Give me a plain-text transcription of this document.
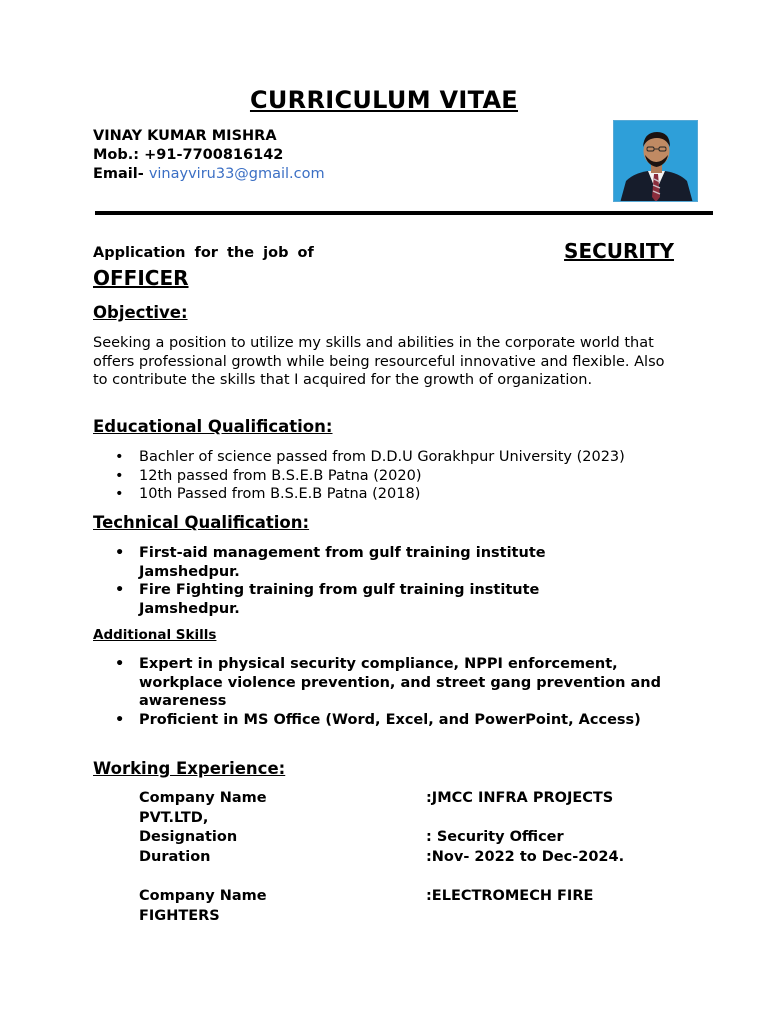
CURRICULUM VITAE
VINAY KUMAR MISHRA
Mob.: +91-7700816142
Email- vinayviru33@gmail.com
Application for the job of	SECURITY
OFFICER
Objective:
Seeking a position to utilize my skills and abilities in the corporate world that offers professional growth while being resourceful innovative and flexible. Also to contribute the skills that I acquired for the growth of organization.
Educational Qualification:
• Bachler of science passed from D.D.U Gorakhpur University (2023)
• 12th passed from B.S.E.B Patna (2020)
• 10th Passed from B.S.E.B Patna (2018)
Technical Qualification:
• First-aid management from gulf training institute Jamshedpur.
• Fire Fighting training from gulf training institute Jamshedpur.
Additional Skills
• Expert in physical security compliance, NPPI enforcement, workplace violence prevention, and street gang prevention and awareness
• Proficient in MS Office (Word, Excel, and PowerPoint, Access)
Working Experience:
Company Name	:JMCC INFRA PROJECTS
PVT.LTD,
Designation	: Security Officer
Duration	:Nov- 2022 to Dec-2024.
Company Name	:ELECTROMECH FIRE
FIGHTERS
